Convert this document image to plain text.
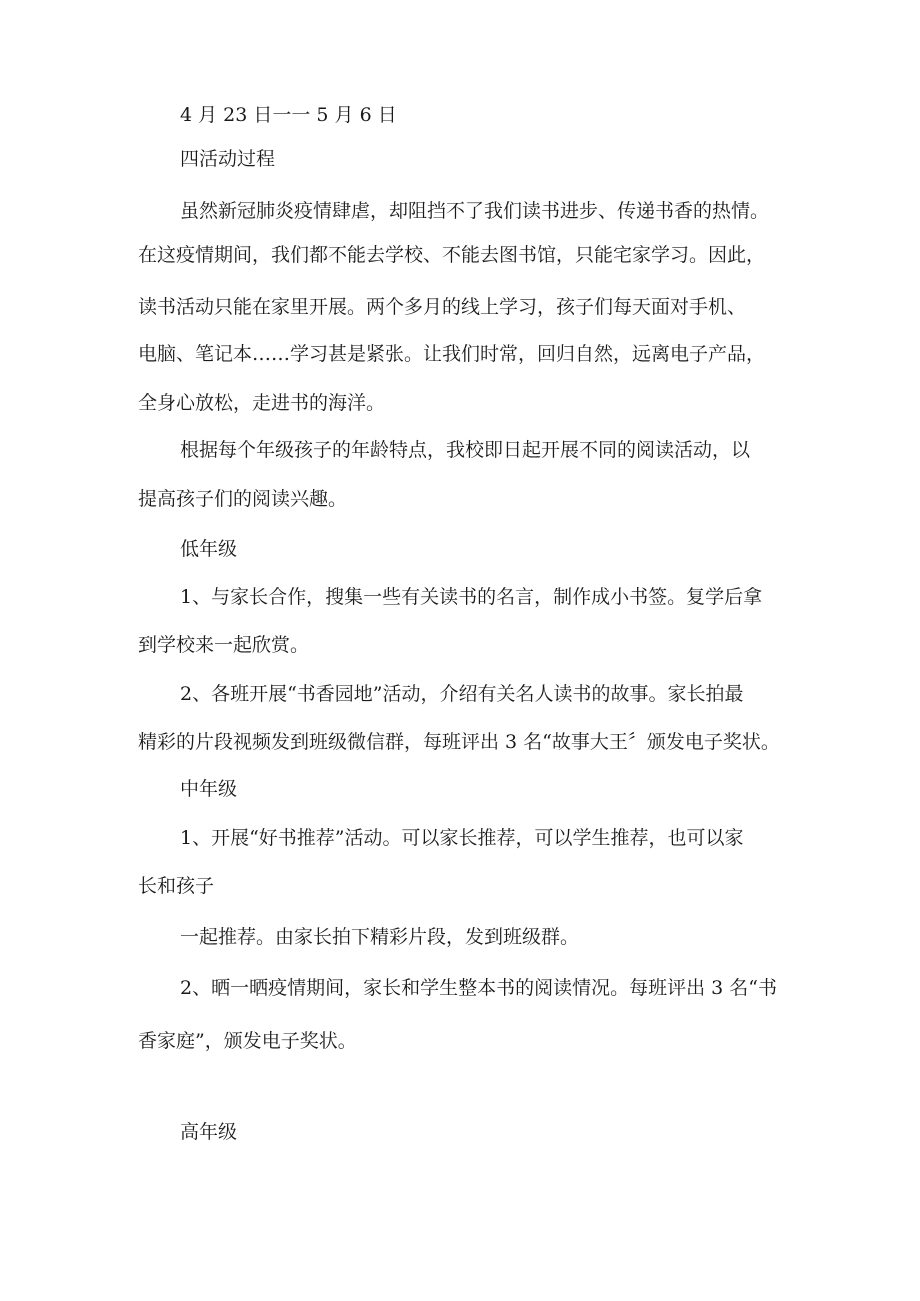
4 月 23 日一一 5 月 6 日

四活动过程

虽然新冠肺炎疫情肆虐，却阻挡不了我们读书进步、传递书香的热情。

在这疫情期间，我们都不能去学校、不能去图书馆，只能宅家学习。因此，

读书活动只能在家里开展。两个多月的线上学习，孩子们每天面对手机、

电脑、笔记本……学习甚是紧张。让我们时常，回归自然，远离电子产品，

全身心放松，走进书的海洋。

根据每个年级孩子的年龄特点，我校即日起开展不同的阅读活动，以

提高孩子们的阅读兴趣。

低年级

1、与家长合作，搜集一些有关读书的名言，制作成小书签。复学后拿

到学校来一起欣赏。

2、各班开展“书香园地”活动，介绍有关名人读书的故事。家长拍最

精彩的片段视频发到班级微信群，每班评出 3 名“故事大王〞颁发电子奖状。

中年级

1、开展“好书推荐”活动。可以家长推荐，可以学生推荐，也可以家

长和孩子

一起推荐。由家长拍下精彩片段，发到班级群。

2、晒一晒疫情期间，家长和学生整本书的阅读情况。每班评出 3 名“书

香家庭”，颁发电子奖状。

高年级
